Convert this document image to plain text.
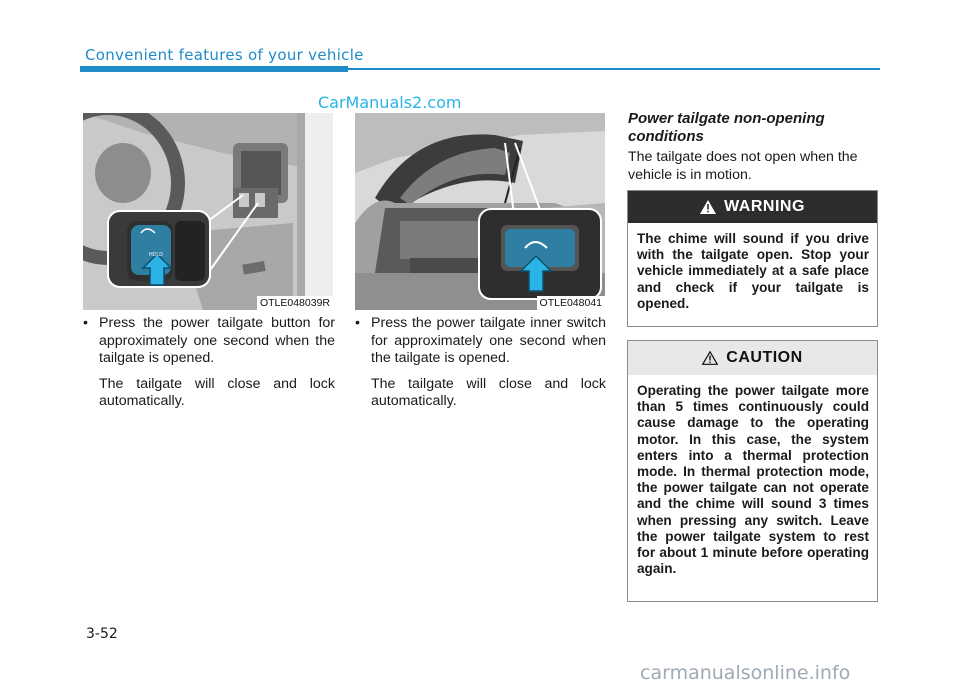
Convenient features of your vehicle
CarManuals2.com
HOLD
OTLE048039R	OTLE048041
• Press the power tailgate button for approximately one second when the tailgate is opened.
The tailgate will close and lock automatically.
• Press the power tailgate inner switch for approximately one second when the tailgate is opened.
The tailgate will close and lock automatically.
Power tailgate non-opening conditions
The tailgate does not open when the vehicle is in motion.
WARNING
The chime will sound if you drive with the tailgate open. Stop your vehicle immediately at a safe place and check if your tailgate is opened.
CAUTION
Operating the power tailgate more than 5 times continuously could cause damage to the operating motor. In this case, the system enters into a thermal protection mode. In thermal protection mode, the power tailgate can not operate and the chime will sound 3 times when pressing any switch. Leave the power tailgate system to rest for about 1 minute before operating again.
3-52
carmanualsonline.info
